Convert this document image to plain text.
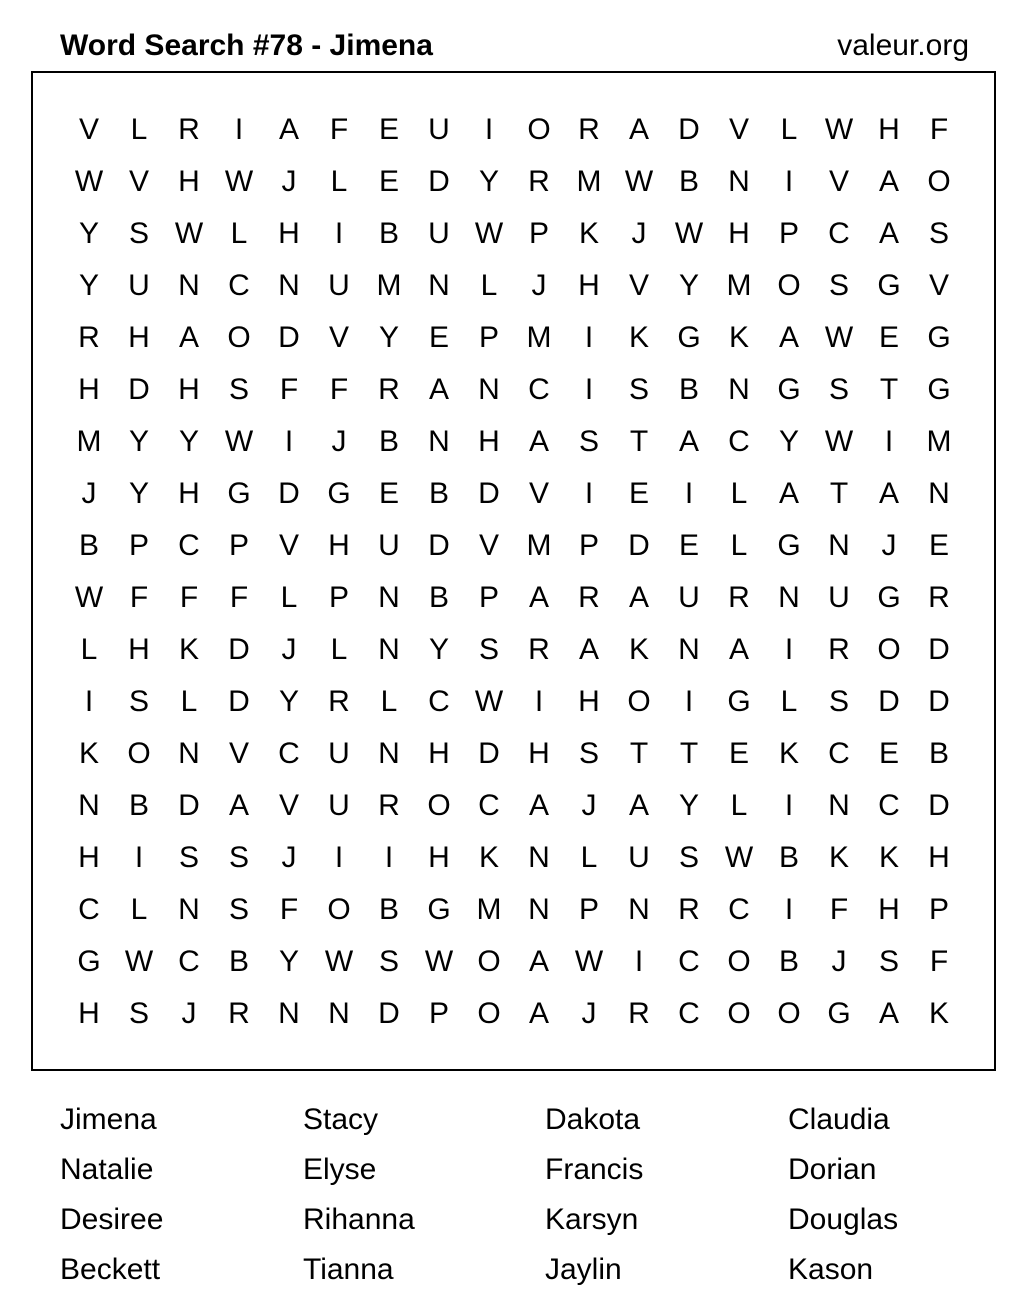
Word Search #78 - Jimena	valeur.org
V	L	R	I	A	F	E U	I	O R A D V	L W H	F
W V H W J	L	E D Y R M W B N	I	V A O
Y S W L	H	I	B U W P K	J W H P C A S
Y U N C N U M N	L	J	H V Y M O S G V
R H A O D V Y E P M	I	K G K A W E G
H D H S	F	F	R A N C	I	S B N G S	T G
M Y Y W	I	J	B N H A S	T	A C Y W	I	M
J	Y H G D G E B D V	I	E	I	L	A	T	A N
B P C P V H U D V M P D E	L G N	J	E
W F	F	F	L	P N B P A R A U R N U G R
L	H K D	J	L	N Y S R A K N A	I	R O D
I	S	L	D Y R	L	C W	I	H O	I	G L	S D D
K O N V C U N H D H S	T	T	E K C E B
N B D A V U R O C A	J	A Y	L	I	N C D
H	I	S S	J	I	I	H K N	L	U S W B K K H
C	L	N S	F O B G M N P N R C	I	F	H P
G W C B Y W S W O A W	I	C O B	J	S	F
H S	J	R N N D P O A	J	R C O O G A K
Jimena	Stacy	Dakota	Claudia
Natalie	Elyse	Francis	Dorian
Desiree	Rihanna	Karsyn	Douglas
Beckett	Tianna	Jaylin	Kason
